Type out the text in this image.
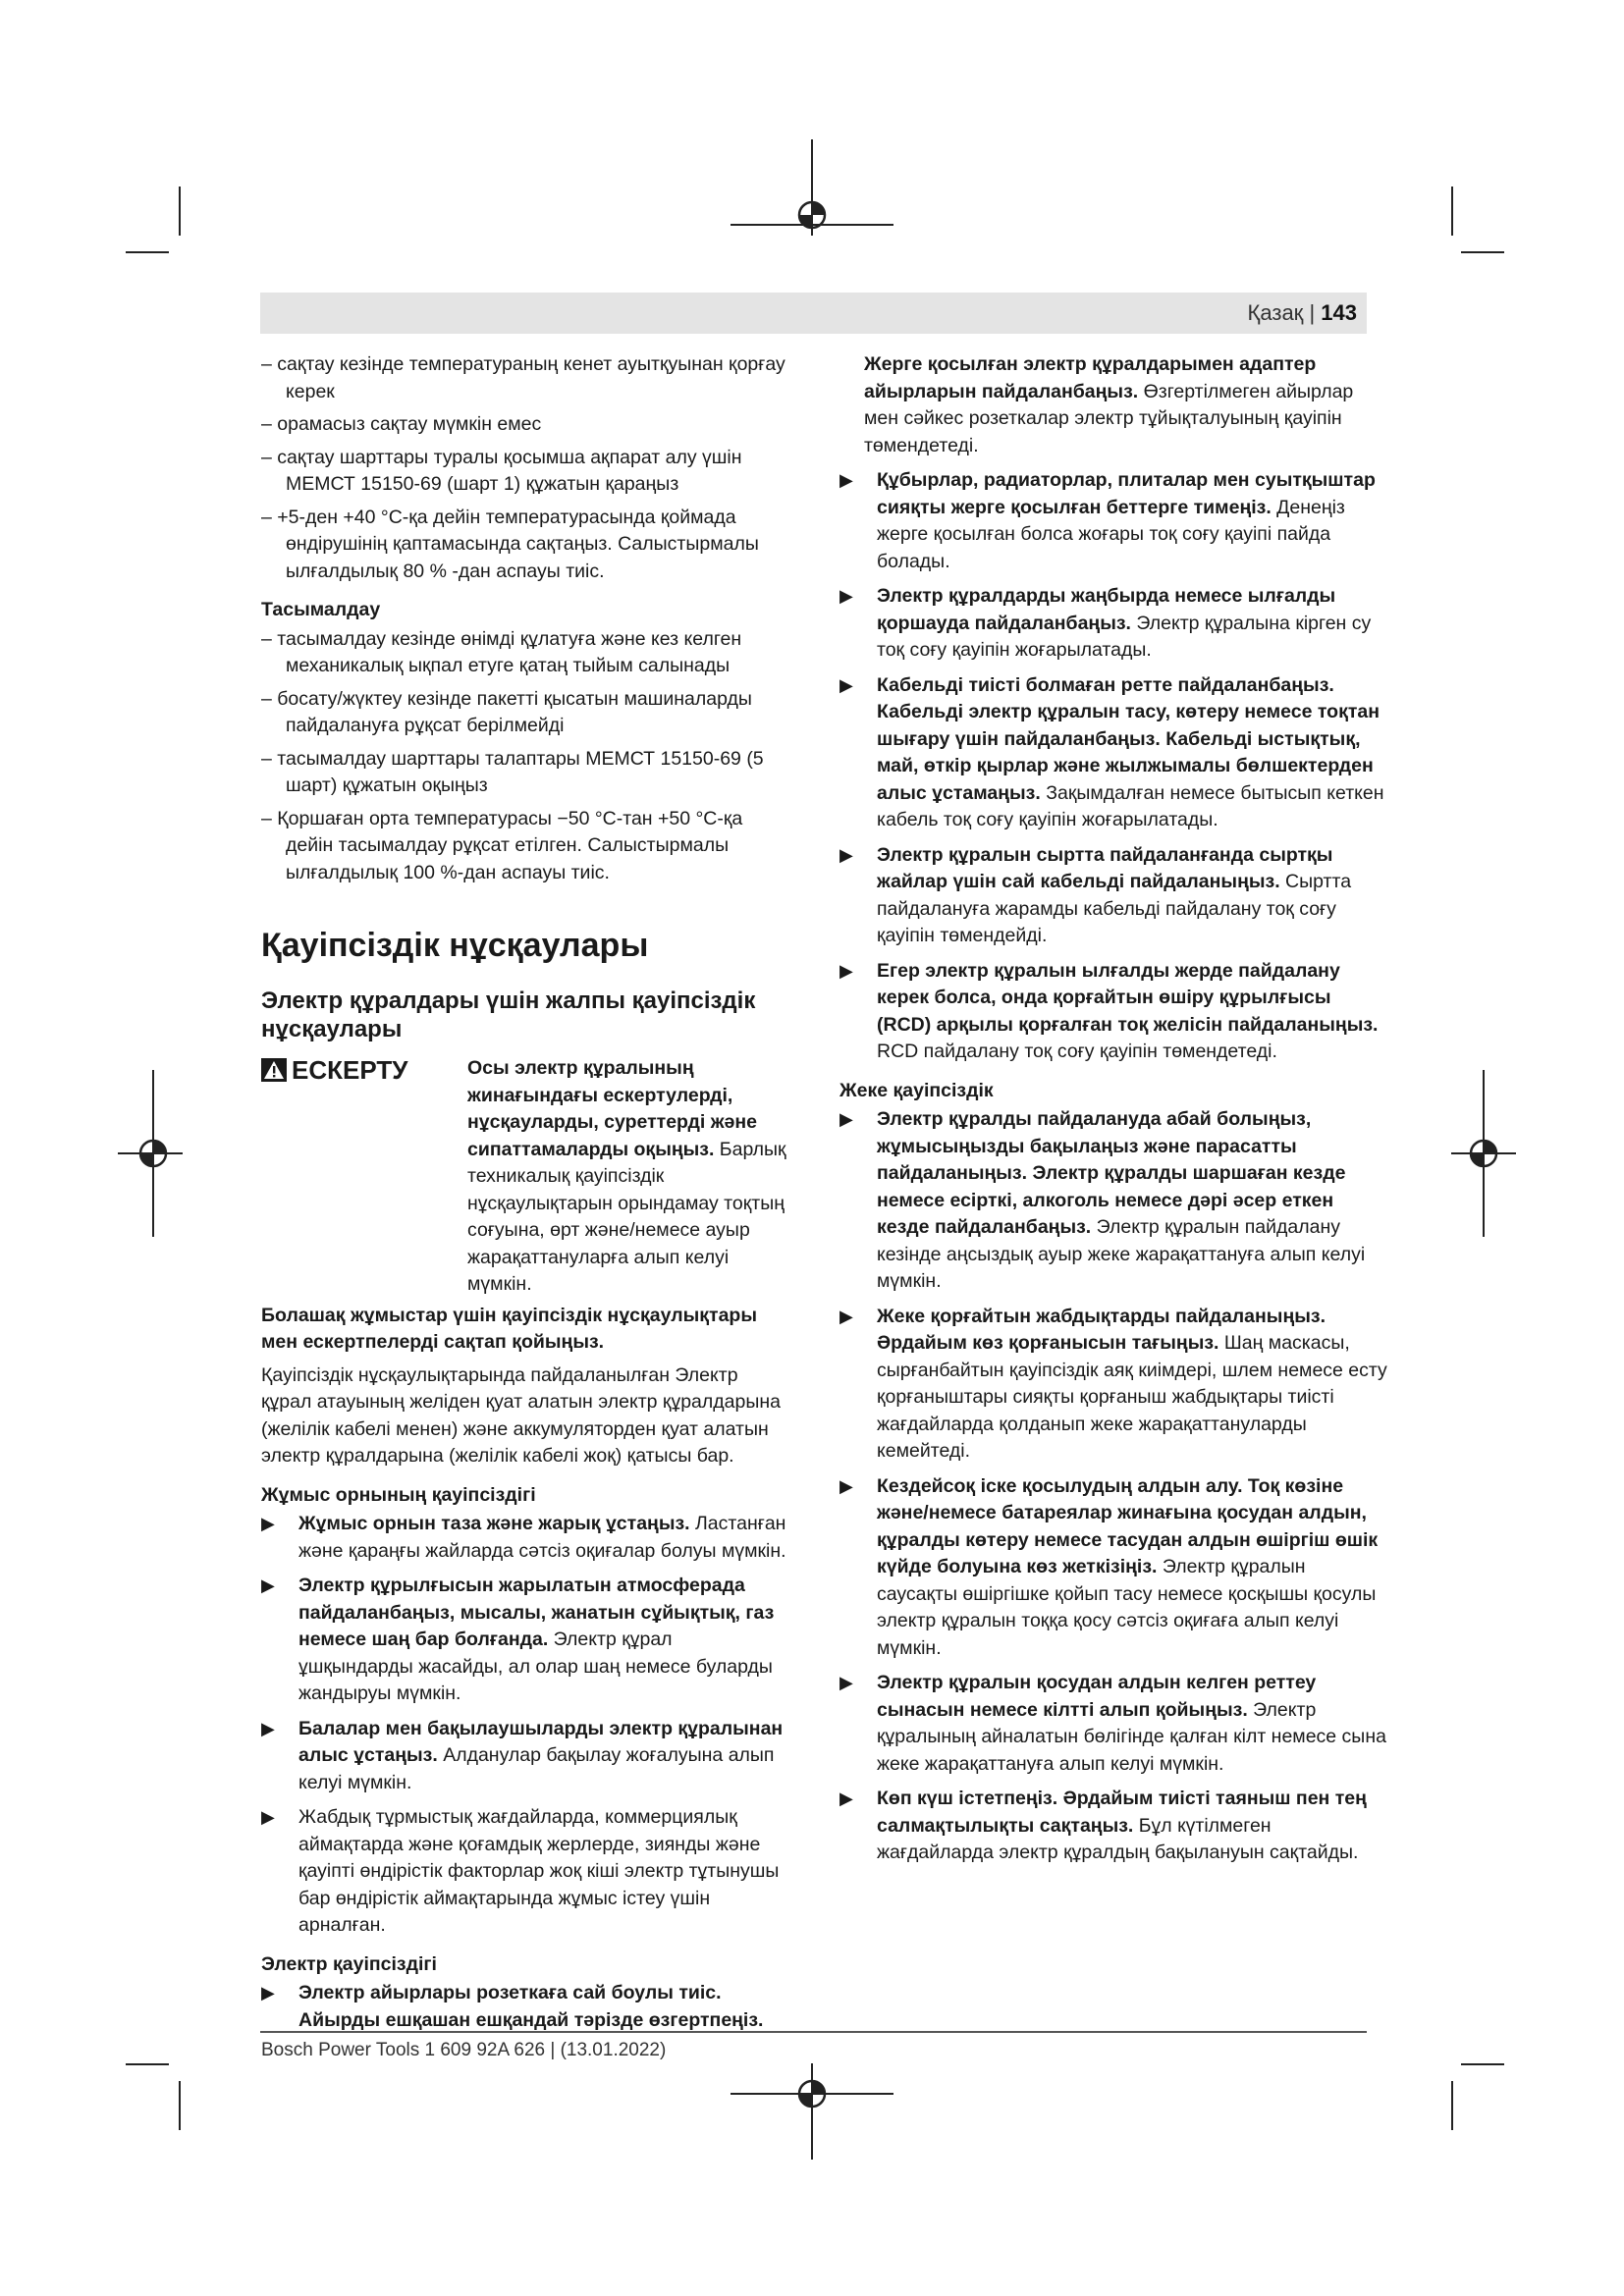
Қазақ | 143
– сақтау кезінде температураның кенет ауытқуынан қорғау керек
– орамасыз сақтау мүмкін емес
– сақтау шарттары туралы қосымша ақпарат алу үшін МЕМСТ 15150-69 (шарт 1) құжатын қараңыз
– +5-ден +40 °C-қа дейін температурасында қоймада өндірушінің қаптамасында сақтаңыз. Салыстырмалы ылғалдылық 80 % -дан аспауы тиіс.
Тасымалдау
– тасымалдау кезінде өнімді құлатуға және кез келген механикалық ықпал етуге қатаң тыйым салынады
– босату/жүктеу кезінде пакетті қысатын машиналарды пайдалануға рұқсат берілмейді
– тасымалдау шарттары талаптары МЕМСТ 15150-69 (5 шарт) құжатын оқыңыз
– Қоршаған орта температурасы −50 °C-тан +50 °C-қа дейін тасымалдау рұқсат етілген. Салыстырмалы ылғалдылық 100 %-дан аспауы тиіс.
Қауіпсіздік нұсқаулары
Электр құралдары үшін жалпы қауіпсіздік нұсқаулары
ЕСКЕРТУ	Осы электр құралының жинағындағы ескертулерді, нұсқауларды, суреттерді және сипаттамаларды оқыңыз. Барлық техникалық қауіпсіздік нұсқаулықтарын орындамау тоқтың соғуына, өрт және/немесе ауыр жарақаттануларға алып келуі мүмкін.
Болашақ жұмыстар үшін қауіпсіздік нұсқаулықтары мен ескертпелерді сақтап қойыңыз.
Қауіпсіздік нұсқаулықтарында пайдаланылған Электр құрал атауының желіден қуат алатын электр құралдарына (желілік кабелі менен) және аккумуляторден қуат алатын электр құралдарына (желілік кабелі жоқ) қатысы бар.
Жұмыс орнының қауіпсіздігі
▶ Жұмыс орнын таза және жарық ұстаңыз. Ластанған және қараңғы жайларда сәтсіз оқиғалар болуы мүмкін.
▶ Электр құрылғысын жарылатын атмосферада пайдаланбаңыз, мысалы, жанатын сұйықтық, газ немесе шаң бар болғанда. Электр құрал ұшқындарды жасайды, ал олар шаң немесе буларды жандыруы мүмкін.
▶ Балалар мен бақылаушыларды электр құралынан алыс ұстаңыз. Алданулар бақылау жоғалуына алып келуі мүмкін.
▶ Жабдық тұрмыстық жағдайларда, коммерциялық аймақтарда және қоғамдық жерлерде, зиянды және қауіпті өндірістік факторлар жоқ кіші электр тұтынушы бар өндірістік аймақтарында жұмыс істеу үшін арналған.
Электр қауіпсіздігі
▶ Электр айырлары розеткаға сай боулы тиіс. Айырды ешқашан ешқандай тәрізде өзгертпеңіз.
Жерге қосылған электр құралдарымен адаптер айырларын пайдаланбаңыз. Өзгертілмеген айырлар мен сәйкес розеткалар электр тұйықталуының қауіпін төмендетеді.
▶ Құбырлар, радиаторлар, плиталар мен суытқыштар сияқты жерге қосылған беттерге тимеңіз. Денеңіз жерге қосылған болса жоғары тоқ соғу қауіпі пайда болады.
▶ Электр құралдарды жаңбырда немесе ылғалды қоршауда пайдаланбаңыз. Электр құралына кірген су тоқ соғу қауіпін жоғарылатады.
▶ Кабельді тиісті болмаған ретте пайдаланбаңыз. Кабельді электр құралын тасу, көтеру немесе тоқтан шығару үшін пайдаланбаңыз. Кабельді ыстықтық, май, өткір қырлар және жылжымалы бөлшектерден алыс ұстамаңыз. Зақымдалған немесе бытысып кеткен кабель тоқ соғу қауіпін жоғарылатады.
▶ Электр құралын сыртта пайдаланғанда сыртқы жайлар үшін сай кабельді пайдаланыңыз. Сыртта пайдалануға жарамды кабельді пайдалану тоқ соғу қауіпін төмендейді.
▶ Егер электр құралын ылғалды жерде пайдалану керек болса, онда қорғайтын өшіру құрылғысы (RCD) арқылы қорғалған тоқ желісін пайдаланыңыз. RCD пайдалану тоқ соғу қауіпін төмендетеді.
Жеке қауіпсіздік
▶ Электр құралды пайдалануда абай болыңыз, жұмысыңызды бақылаңыз және парасатты пайдаланыңыз. Электр құралды шаршаған кезде немесе есірткі, алкоголь немесе дәрі әсер еткен кезде пайдаланбаңыз. Электр құралын пайдалану кезінде аңсыздық ауыр жеке жарақаттануға алып келуі мүмкін.
▶ Жеке қорғайтын жабдықтарды пайдаланыңыз. Әрдайым көз қорғанысын тағыңыз. Шаң маскасы, сырғанбайтын қауіпсіздік аяқ киімдері, шлем немесе есту қорғаныштары сияқты қорғаныш жабдықтары тиісті жағдайларда қолданып жеке жарақаттануларды кемейтеді.
▶ Кездейсоқ іске қосылудың алдын алу. Тоқ көзіне және/немесе батареялар жинағына қосудан алдын, құралды көтеру немесе тасудан алдын өшіргіш өшік күйде болуына көз жеткізіңіз. Электр құралын саусақты өшіргішке қойып тасу немесе қосқышы қосулы электр құралын тоққа қосу сәтсіз оқиғаға алып келуі мүмкін.
▶ Электр құралын қосудан алдын келген реттеу сынасын немесе кілтті алып қойыңыз. Электр құралының айналатын бөлігінде қалған кілт немесе сына жеке жарақаттануға алып келуі мүмкін.
▶ Көп күш істетпеңіз. Әрдайым тиісті таяныш пен тең салмақтылықты сақтаңыз. Бұл күтілмеген жағдайларда электр құралдың бақылануын сақтайды.
Bosch Power Tools 1 609 92A 626 | (13.01.2022)
